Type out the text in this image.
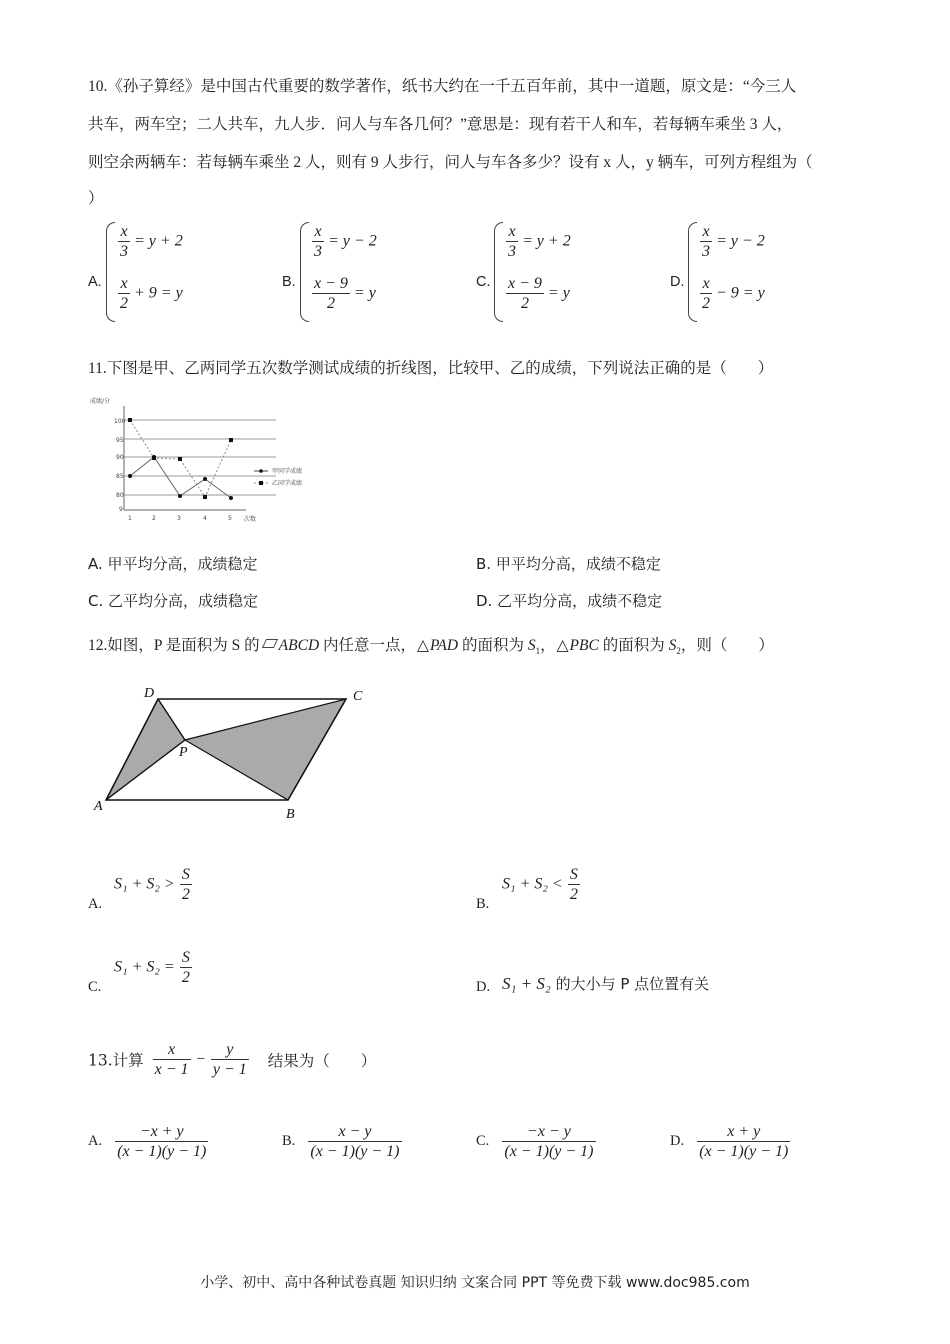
10.《孙子算经》是中国古代重要的数学著作，纸书大约在一千五百年前，其中一道题，原文是：“今三人
共车，两车空；二人共车，九人步．问人与车各几何？”意思是：现有若干人和车，若每辆车乘坐 3 人，
则空余两辆车：若每辆车乘坐 2 人，则有 9 人步行，问人与车各多少？设有 x 人，y 辆车，可列方程组为（
）
A.
$\frac{x}{3} = y + 2$
$\frac{x}{2} + 9 = y$
B.
$\frac{x}{3} = y - 2$
$\frac{x - 9}{2} = y$
C.
$\frac{x}{3} = y + 2$
$\frac{x - 9}{2} = y$
D.
$\frac{x}{3} = y - 2$
$\frac{x}{2} - 9 = y$
11.下图是甲、乙两同学五次数学测试成绩的折线图，比较甲、乙的成绩，下列说法正确的是（　　）
成绩/分
100
95
90
85
80
9
1	2	3	4	5 次数
甲同学成绩
乙同学成绩
A. 甲平均分高，成绩稳定	B. 甲平均分高，成绩不稳定
C. 乙平均分高，成绩稳定	D. 乙平均分高，成绩不稳定
12.如图，P 是面积为 S 的 ABCD 内任意一点，△PAD 的面积为 $S_1$，△PBC 的面积为 $S_2$，则（　　）
D	C
A
B
P
A.
$S_1 + S_2 > \frac{S}{2}$	B.
$S_1 + S_2 < \frac{S}{2}$
C.
$S_1 + S_2 = \frac{S}{2}$	D. S₁ + S₂ 的大小与 P 点位置有关
13.计算 $\frac{x}{x - 1} - \frac{y}{y - 1}$ 结果为（　　）
A. $\frac{-x + y}{(x - 1)(y - 1)}$	B. $\frac{x - y}{(x - 1)(y - 1)}$	C. $\frac{-x - y}{(x - 1)(y - 1)}$	D. $\frac{x + y}{(x - 1)(y - 1)}$
小学、初中、高中各种试卷真题 知识归纳 文案合同 PPT 等免费下载 www.doc985.com
